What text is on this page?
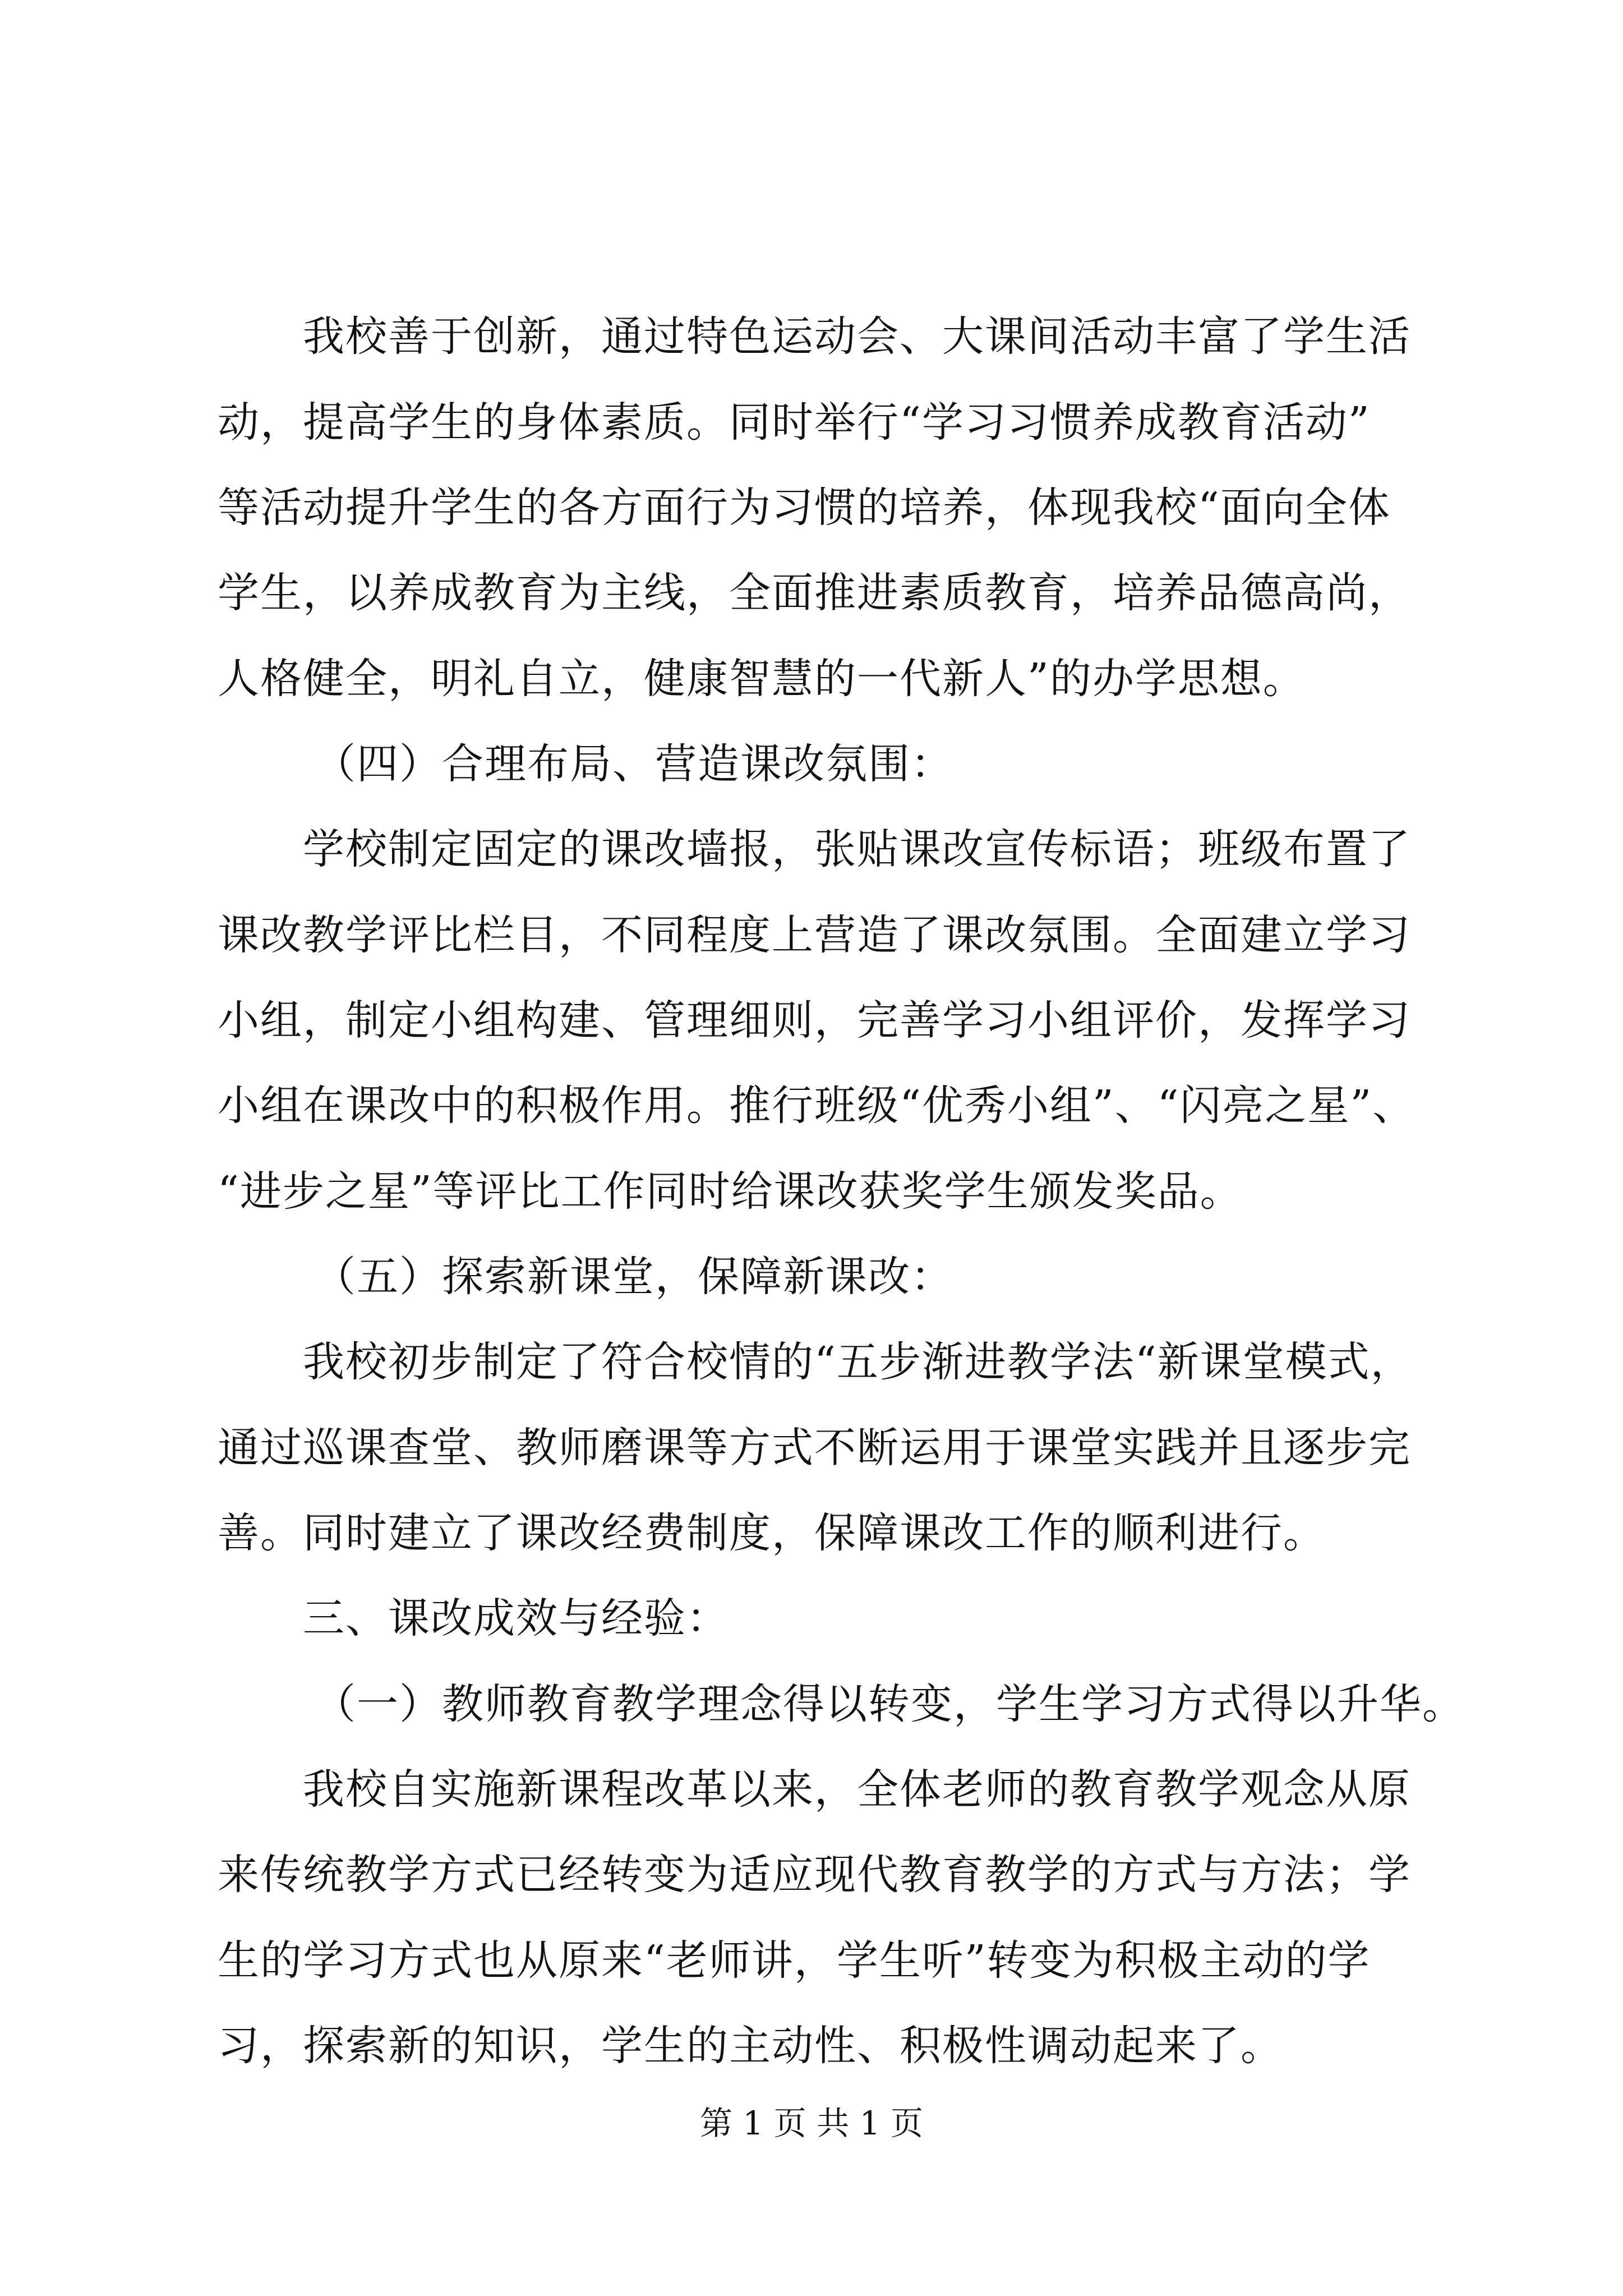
我校善于创新，通过特色运动会、大课间活动丰富了学生活

动，提高学生的身体素质。同时举行“学习习惯养成教育活动”

等活动提升学生的各方面行为习惯的培养，体现我校“面向全体

学生，以养成教育为主线，全面推进素质教育，培养品德高尚，

人格健全，明礼自立，健康智慧的一代新人”的办学思想。

（四）合理布局、营造课改氛围：

学校制定固定的课改墙报，张贴课改宣传标语；班级布置了

课改教学评比栏目，不同程度上营造了课改氛围。全面建立学习

小组，制定小组构建、管理细则，完善学习小组评价，发挥学习

小组在课改中的积极作用。推行班级“优秀小组”、“闪亮之星”、

“进步之星”等评比工作同时给课改获奖学生颁发奖品。

（五）探索新课堂，保障新课改：

我校初步制定了符合校情的“五步渐进教学法“新课堂模式，

通过巡课查堂、教师磨课等方式不断运用于课堂实践并且逐步完

善。同时建立了课改经费制度，保障课改工作的顺利进行。

三、课改成效与经验：

（一）教师教育教学理念得以转变，学生学习方式得以升华。

我校自实施新课程改革以来，全体老师的教育教学观念从原

来传统教学方式已经转变为适应现代教育教学的方式与方法；学

生的学习方式也从原来“老师讲，学生听”转变为积极主动的学

习，探索新的知识，学生的主动性、积极性调动起来了。

第 1 页 共 1 页
